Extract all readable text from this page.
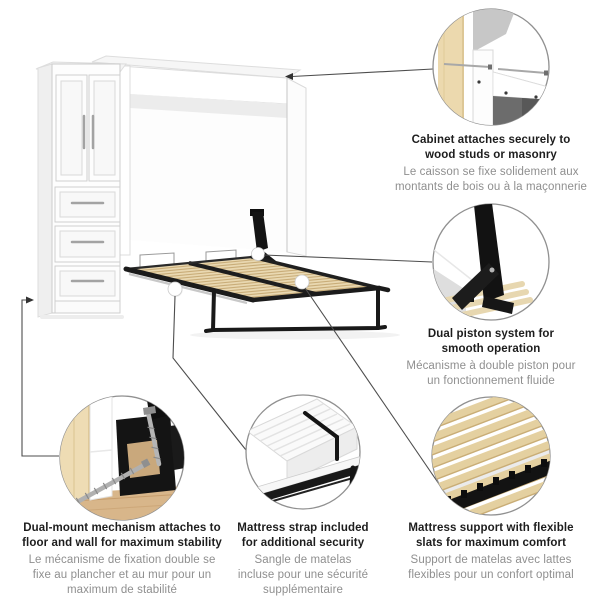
Cabinet attaches securely to
wood studs or masonry
Le caisson se fixe solidement aux
montants de bois ou à la maçonnerie
Dual piston system for
smooth operation
Mécanisme à double piston pour
un fonctionnement fluide
Dual-mount mechanism attaches to
floor and wall for maximum stability
Le mécanisme de fixation double se
fixe au plancher et au mur pour un
maximum de stabilité
Mattress strap included
for additional security
Sangle de matelas
incluse pour une sécurité
supplémentaire
Mattress support with flexible
slats for maximum comfort
Support de matelas avec lattes
flexibles pour un confort optimal
